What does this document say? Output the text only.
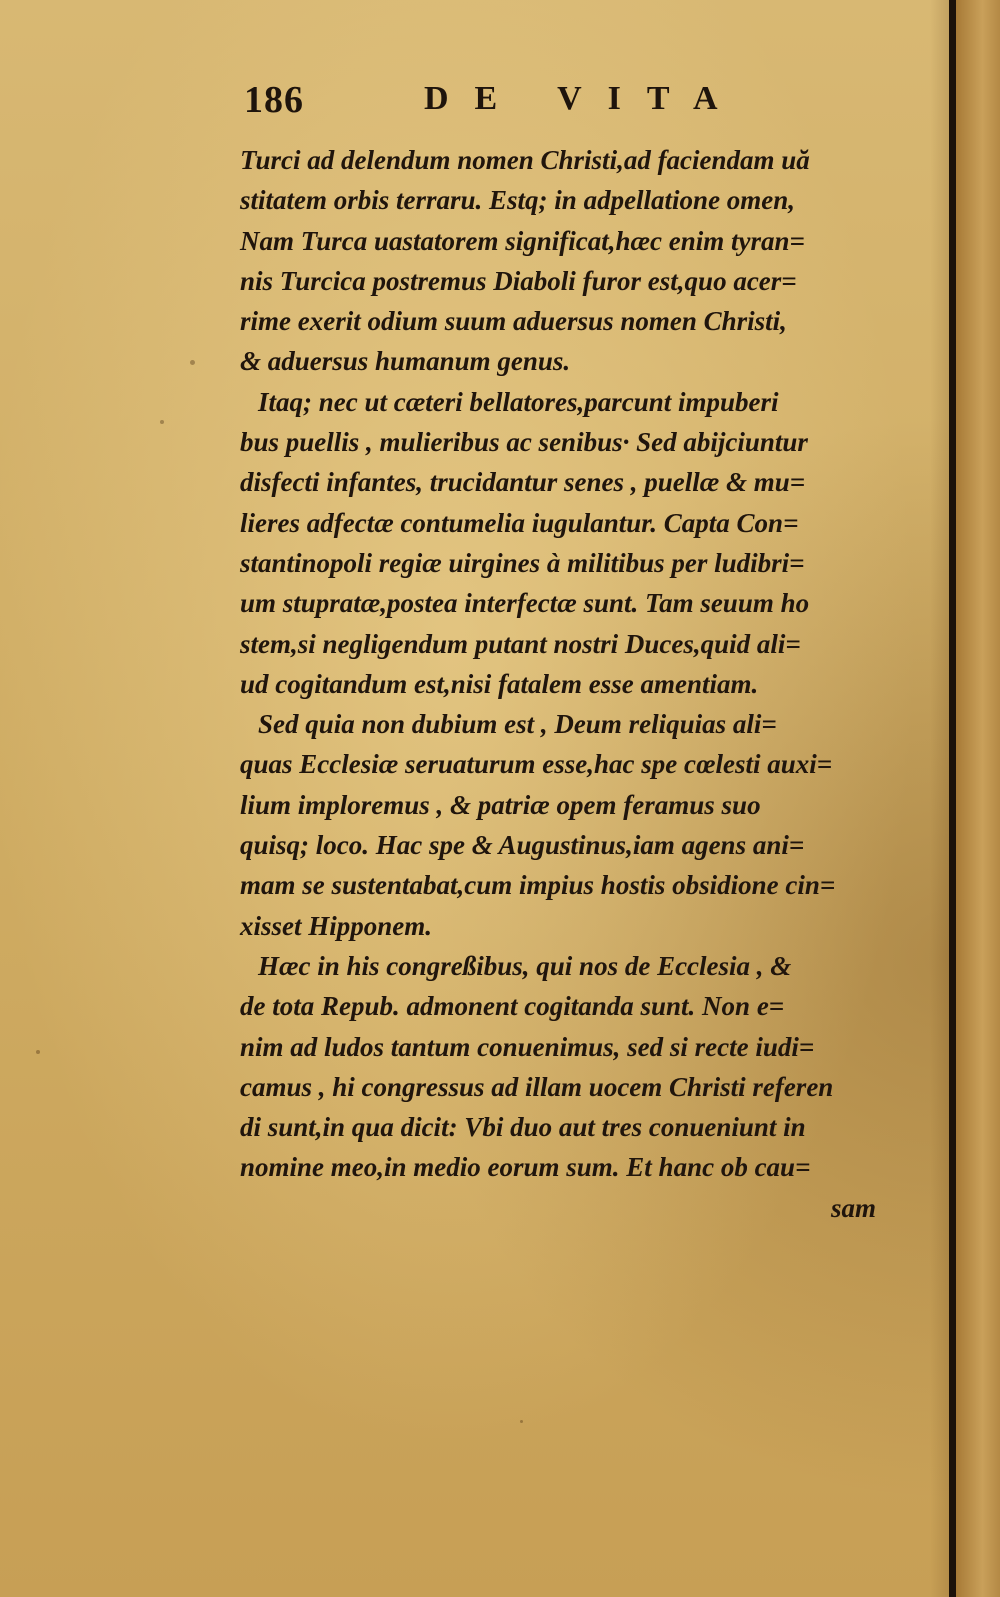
186	DE VITA
Turci ad delendum nomen Christi,ad faciendam uă
stitatem orbis terraru. Estq; in adpellatione omen,
Nam Turca uastatorem significat,hæc enim tyran=
nis Turcica postremus Diaboli furor est,quo acer=
rime exerit odium suum aduersus nomen Christi,
& aduersus humanum genus.
Itaq; nec ut cæteri bellatores,parcunt impuberi
bus puellis , mulieribus ac senibus· Sed abijciuntur
disfecti infantes, trucidantur senes , puellæ & mu=
lieres adfectæ contumelia iugulantur. Capta Con=
stantinopoli regiæ uirgines à militibus per ludibri=
um stupratæ,postea interfectæ sunt. Tam seuum ho
stem,si negligendum putant nostri Duces,quid ali=
ud cogitandum est,nisi fatalem esse amentiam.
Sed quia non dubium est , Deum reliquias ali=
quas Ecclesiæ seruaturum esse,hac spe cœlesti auxi=
lium imploremus , & patriæ opem feramus suo
quisq; loco. Hac spe & Augustinus,iam agens ani=
mam se sustentabat,cum impius hostis obsidione cin=
xisset Hipponem.
Hæc in his congreßibus, qui nos de Ecclesia , &
de tota Repub. admonent cogitanda sunt. Non e=
nim ad ludos tantum conuenimus, sed si recte iudi=
camus , hi congressus ad illam uocem Christi referen
di sunt,in qua dicit: Vbi duo aut tres conueniunt in
nomine meo,in medio eorum sum. Et hanc ob cau=
sam
